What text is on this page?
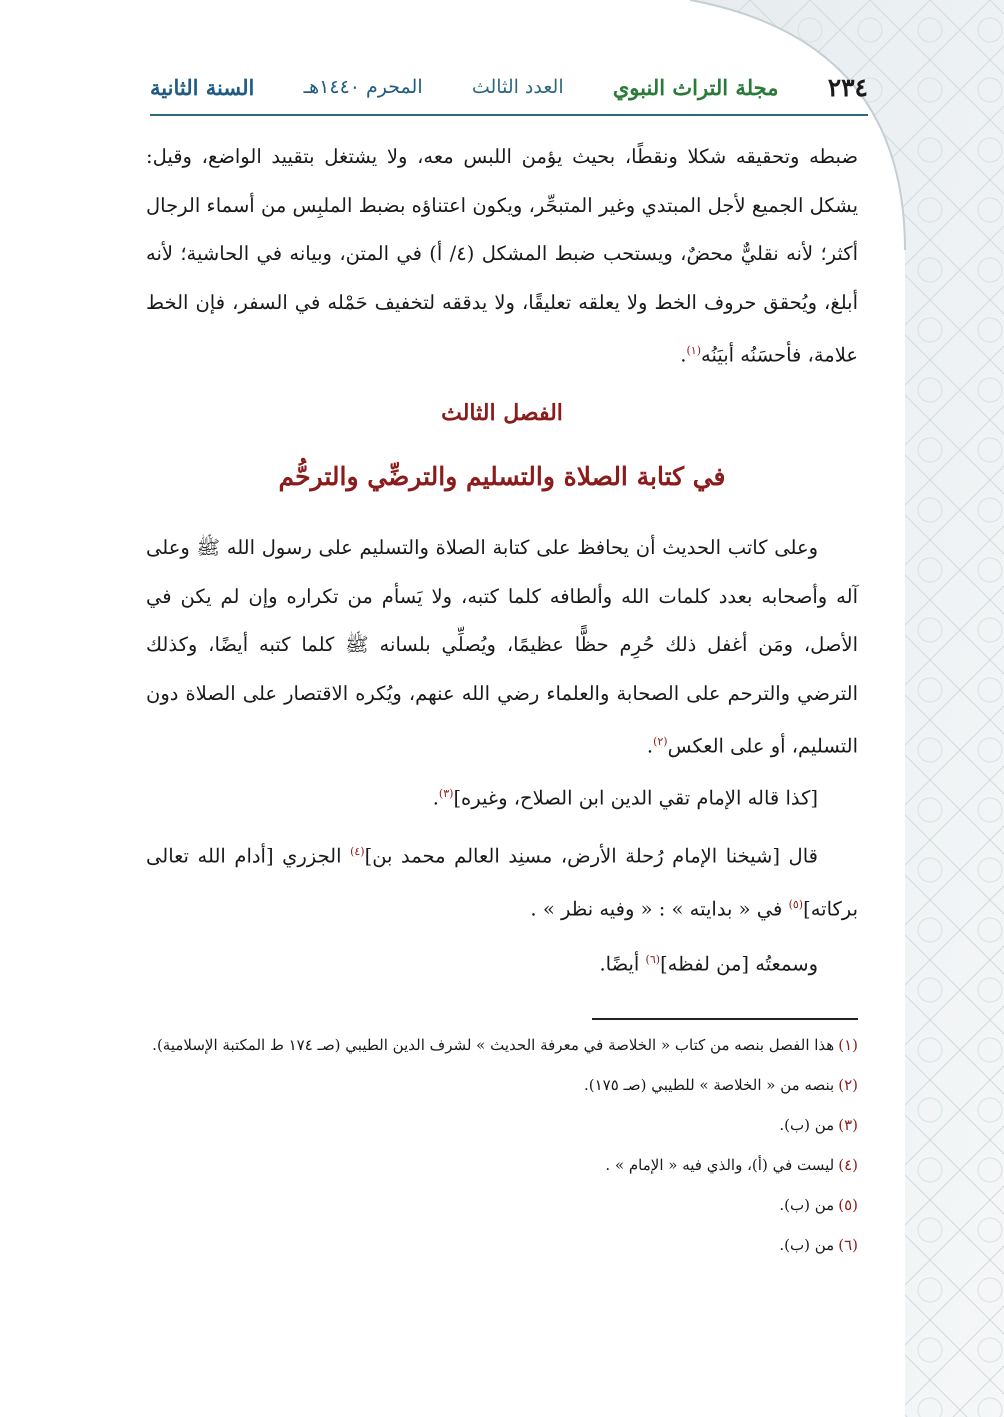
٢٣٤
مجلة التراث النبوي
العدد الثالث
المحرم ١٤٤٠هـ
السنة الثانية

ضبطه وتحقيقه شكلا ونقطًا، بحيث يؤمن اللبس معه، ولا يشتغل بتقييد الواضع، وقيل: يشكل الجميع لأجل المبتدي وغير المتبحِّر، ويكون اعتناؤه بضبط الملبِس من أسماء الرجال أكثر؛ لأنه نقليٌّ محضٌ، ويستحب ضبط المشكل (٤/ أ) في المتن، وبيانه في الحاشية؛ لأنه أبلغ، ويُحقق حروف الخط ولا يعلقه تعليقًا، ولا يدققه لتخفيف حَمْله في السفر، فإن الخط علامة، فأحسَنُه أبيَنُه$^{(١)}$.

الفصل الثالث
في كتابة الصلاة والتسليم والترضِّي والترحُّم

وعلى كاتب الحديث أن يحافظ على كتابة الصلاة والتسليم على رسول الله ﷺ وعلى آله وأصحابه بعدد كلمات الله وألطافه كلما كتبه، ولا يَسأم من تكراره وإن لم يكن في الأصل، ومَن أغفل ذلك حُرِم حظًّا عظيمًا، ويُصلِّي بلسانه ﷺ كلما كتبه أيضًا، وكذلك الترضي والترحم على الصحابة والعلماء رضي الله عنهم، ويُكره الاقتصار على الصلاة دون التسليم، أو على العكس$^{(٢)}$.

[كذا قاله الإمام تقي الدين ابن الصلاح، وغيره]$^{(٣)}$.
قال [شيخنا الإمام رُحلة الأرض، مسنِد العالم محمد بن]$^{(٤)}$ الجزري [أدام الله تعالى بركاته]$^{(٥)}$ في « بدايته » : « وفيه نظر » .
وسمعتُه [من لفظه]$^{(٦)}$ أيضًا.

(١)هذا الفصل بنصه من كتاب « الخلاصة في معرفة الحديث » لشرف الدين الطيبي (صـ ١٧٤ ط المكتبة الإسلامية).

(٢)بنصه من « الخلاصة » للطيبي (صـ ١٧٥).

(٣)من (ب).

(٤)ليست في (أ)، والذي فيه « الإمام » .

(٥)من (ب).

(٦)من (ب).
